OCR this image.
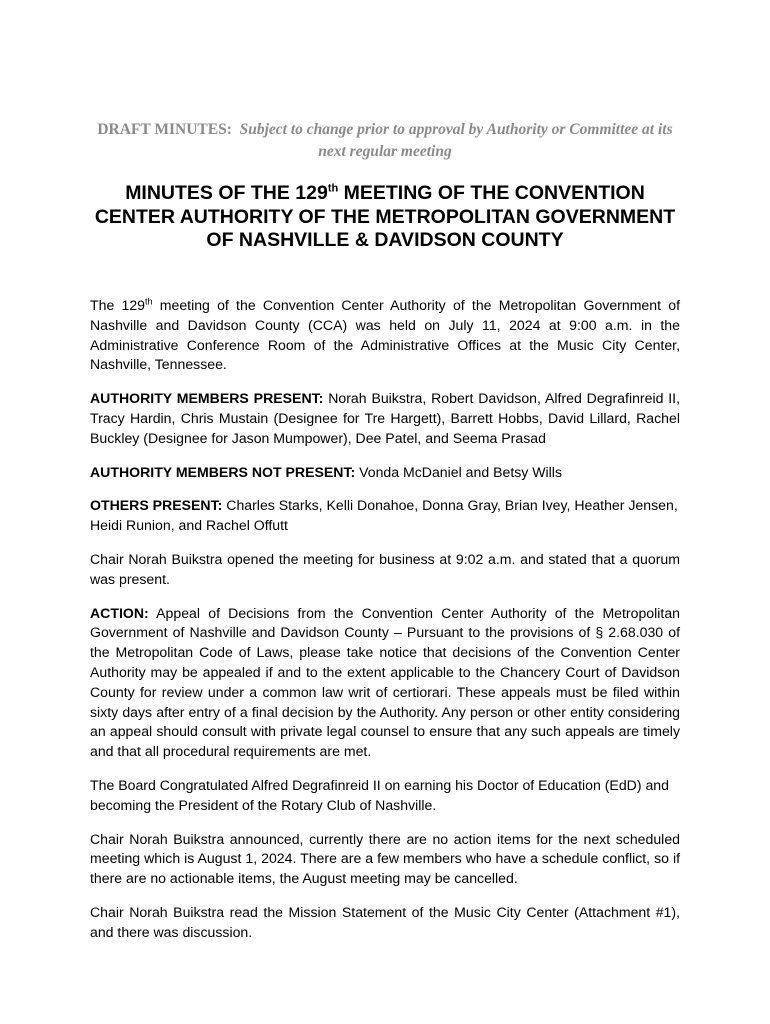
DRAFT MINUTES: Subject to change prior to approval by Authority or Committee at its next regular meeting
MINUTES OF THE 129th MEETING OF THE CONVENTION CENTER AUTHORITY OF THE METROPOLITAN GOVERNMENT OF NASHVILLE & DAVIDSON COUNTY

The 129th meeting of the Convention Center Authority of the Metropolitan Government of Nashville and Davidson County (CCA) was held on July 11, 2024 at 9:00 a.m. in the Administrative Conference Room of the Administrative Offices at the Music City Center, Nashville, Tennessee.

AUTHORITY MEMBERS PRESENT: Norah Buikstra, Robert Davidson, Alfred Degrafinreid II, Tracy Hardin, Chris Mustain (Designee for Tre Hargett), Barrett Hobbs, David Lillard, Rachel Buckley (Designee for Jason Mumpower), Dee Patel, and Seema Prasad

AUTHORITY MEMBERS NOT PRESENT: Vonda McDaniel and Betsy Wills

OTHERS PRESENT: Charles Starks, Kelli Donahoe, Donna Gray, Brian Ivey, Heather Jensen, Heidi Runion, and Rachel Offutt

Chair Norah Buikstra opened the meeting for business at 9:02 a.m. and stated that a quorum was present.

ACTION: Appeal of Decisions from the Convention Center Authority of the Metropolitan Government of Nashville and Davidson County – Pursuant to the provisions of § 2.68.030 of the Metropolitan Code of Laws, please take notice that decisions of the Convention Center Authority may be appealed if and to the extent applicable to the Chancery Court of Davidson County for review under a common law writ of certiorari. These appeals must be filed within sixty days after entry of a final decision by the Authority. Any person or other entity considering an appeal should consult with private legal counsel to ensure that any such appeals are timely and that all procedural requirements are met.

The Board Congratulated Alfred Degrafinreid II on earning his Doctor of Education (EdD) and becoming the President of the Rotary Club of Nashville.

Chair Norah Buikstra announced, currently there are no action items for the next scheduled meeting which is August 1, 2024. There are a few members who have a schedule conflict, so if there are no actionable items, the August meeting may be cancelled.

Chair Norah Buikstra read the Mission Statement of the Music City Center (Attachment #1), and there was discussion.
